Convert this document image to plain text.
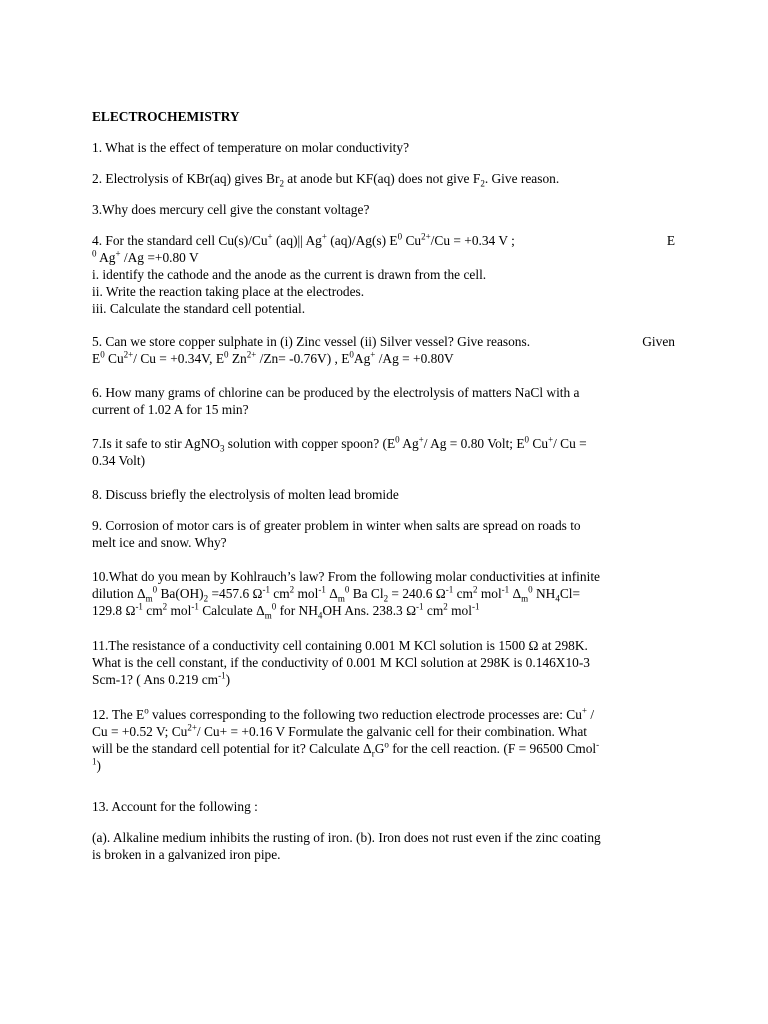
ELECTROCHEMISTRY
1. What is the effect of temperature on molar conductivity?
2. Electrolysis of KBr(aq) gives $Br_2$ at anode but KF(aq) does not give $F_2$. Give reason.
3.Why does mercury cell give the constant voltage?
4. For the standard cell Cu(s)/Cu+ (aq)|| Ag+ (aq)/Ag(s) $E^0$ $Cu^{2+}/Cu = +0.34$ V ;	E
$^0$ Ag+ /Ag =+0.80 V
i. identify the cathode and the anode as the current is drawn from the cell.
ii. Write the reaction taking place at the electrodes.
iii. Calculate the standard cell potential.
5. Can we store copper sulphate in (i) Zinc vessel (ii) Silver vessel? Give reasons.	Given
$E^0$ $Cu^{2+}/$ Cu = +0.34V, $E^0$ $Zn^{2+}$ /Zn= -0.76V) , $E^0Ag^+$ /Ag = +0.80V
6. How many grams of chlorine can be produced by the electrolysis of matters NaCl with a
current of 1.02 A for 15 min?
7.Is it safe to stir AgNO$_3$ solution with copper spoon? ($E^0$ Ag+/ Ag = 0.80 Volt; $E^0$ Cu+/ Cu =
0.34 Volt)
8. Discuss briefly the electrolysis of molten lead bromide
9. Corrosion of motor cars is of greater problem in winter when salts are spread on roads to
melt ice and snow. Why?
10.What do you mean by Kohlrauch’s law? From the following molar conductivities at infinite
dilution $\Delta_m^0$ $Ba(OH)_2 =457.6$ $\Omega^{-1}$ $cm^2$ mol$^{-1}$ $\Delta_m^0$ Ba $Cl_2 = 240.6$ $\Omega^{-1}$ $cm^2$ mol$^{-1}$ $\Delta_m^0$ $NH_4Cl=$
129.8 $\Omega^{-1}$ $cm^2$ mol$^{-1}$ Calculate $\Delta_m^0$ for $NH_4OH$ Ans. 238.3 $\Omega^{-1}$ $cm^2$ mol$^{-1}$
11.The resistance of a conductivity cell containing 0.001 M KCl solution is 1500 Ω at 298K.
What is the cell constant, if the conductivity of 0.001 M KCl solution at 298K is 0.146X10-3
Scm-1? ( Ans 0.219 $cm^{-1}$)
12. The $E^o$ values corresponding to the following two reduction electrode processes are: Cu+ /
Cu = +0.52 V; $Cu^{2+}/$ Cu+ = +0.16 V Formulate the galvanic cell for their combination. What
will be the standard cell potential for it? Calculate $\Delta_rG^o$ for the cell reaction. (F = 96500 Cmol-
$^1$)
13. Account for the following :
(a). Alkaline medium inhibits the rusting of iron. (b). Iron does not rust even if the zinc coating
is broken in a galvanized iron pipe.
